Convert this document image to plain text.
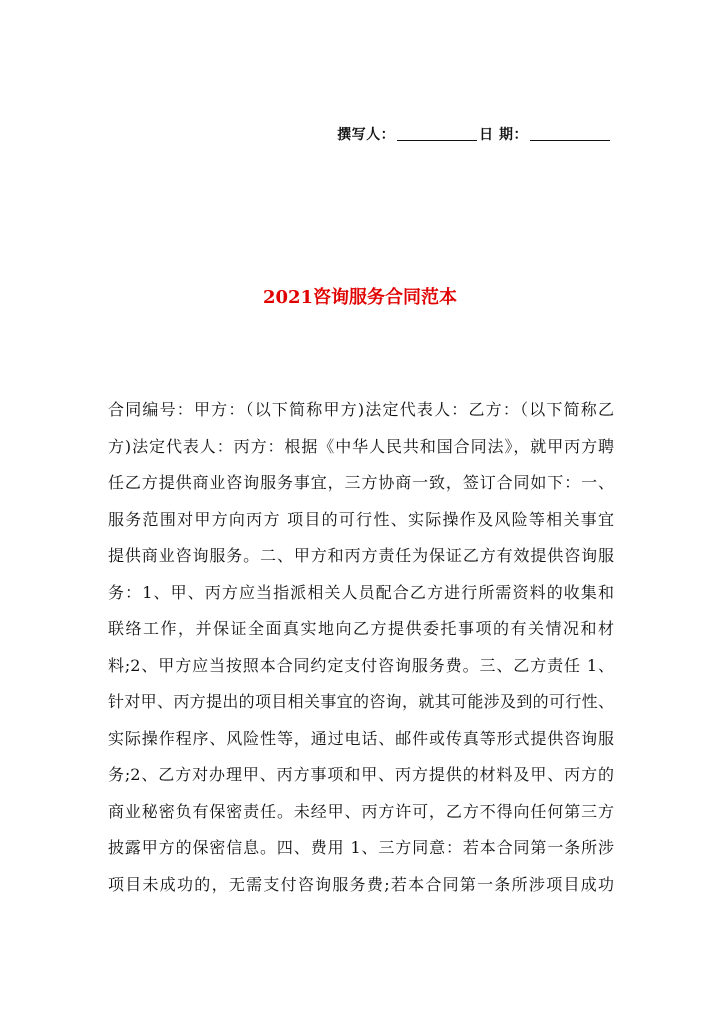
撰写人：	日 期：
2021咨询服务合同范本
合同编号：甲方：（以下简称甲方)法定代表人：乙方：（以下简称乙
方)法定代表人：丙方：根据《中华人民共和国合同法》，就甲丙方聘
任乙方提供商业咨询服务事宜，三方协商一致，签订合同如下：一、
服务范围对甲方向丙方 项目的可行性、实际操作及风险等相关事宜
提供商业咨询服务。二、甲方和丙方责任为保证乙方有效提供咨询服
务：1、甲、丙方应当指派相关人员配合乙方进行所需资料的收集和
联络工作，并保证全面真实地向乙方提供委托事项的有关情况和材
料;2、甲方应当按照本合同约定支付咨询服务费。三、乙方责任 1、
针对甲、丙方提出的项目相关事宜的咨询，就其可能涉及到的可行性、
实际操作程序、风险性等，通过电话、邮件或传真等形式提供咨询服
务;2、乙方对办理甲、丙方事项和甲、丙方提供的材料及甲、丙方的
商业秘密负有保密责任。未经甲、丙方许可，乙方不得向任何第三方
披露甲方的保密信息。四、费用 1、三方同意：若本合同第一条所涉
项目未成功的，无需支付咨询服务费;若本合同第一条所涉项目成功
